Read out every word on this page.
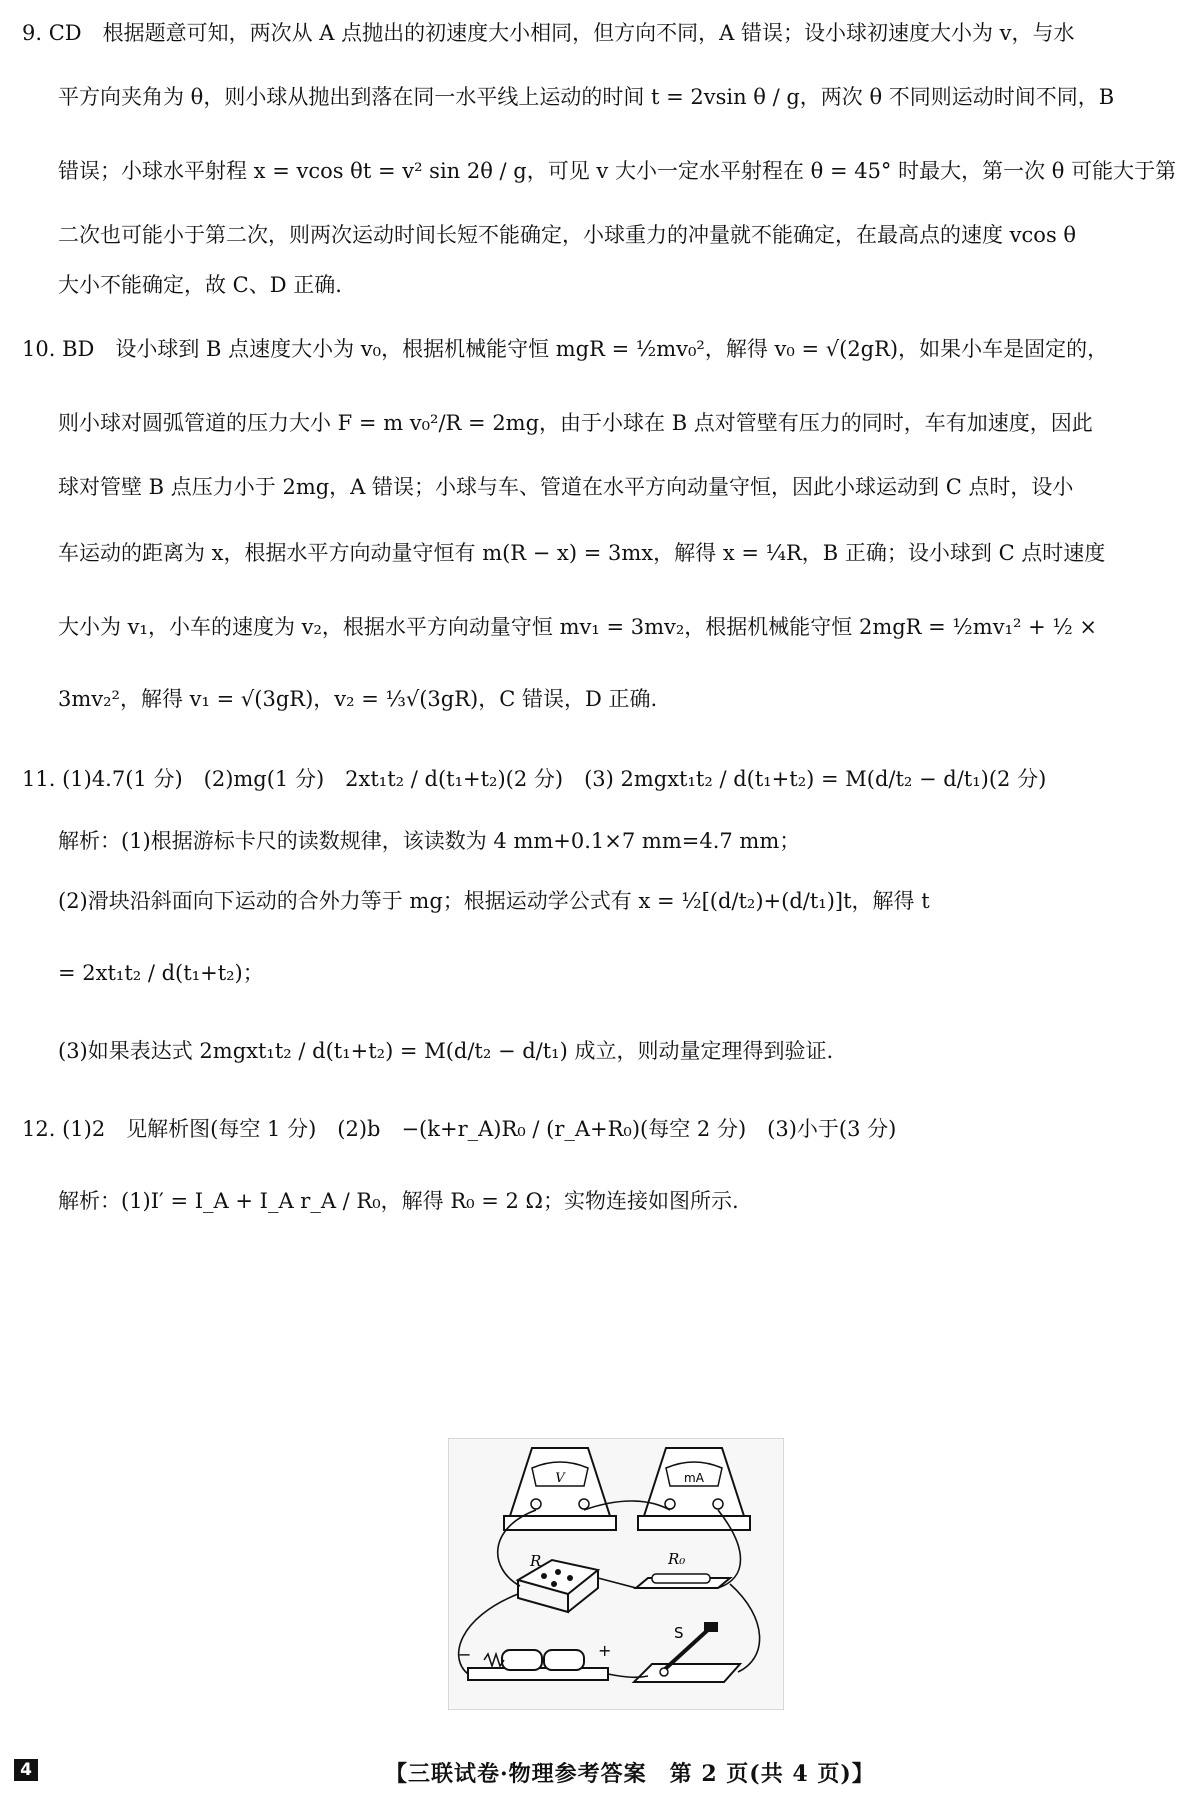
9. CD　根据题意可知，两次从 A 点抛出的初速度大小相同，但方向不同，A 错误；设小球初速度大小为 v，与水
平方向夹角为 θ，则小球从抛出到落在同一水平线上运动的时间 t = 2vsin θ / g，两次 θ 不同则运动时间不同，B
错误；小球水平射程 x = vcos θt = v² sin 2θ / g，可见 v 大小一定水平射程在 θ = 45° 时最大，第一次 θ 可能大于第
二次也可能小于第二次，则两次运动时间长短不能确定，小球重力的冲量就不能确定，在最高点的速度 vcos θ
大小不能确定，故 C、D 正确.
10. BD　设小球到 B 点速度大小为 v₀，根据机械能守恒 mgR = ½mv₀²，解得 v₀ = √(2gR)，如果小车是固定的，
则小球对圆弧管道的压力大小 F = m v₀²/R = 2mg，由于小球在 B 点对管壁有压力的同时，车有加速度，因此
球对管壁 B 点压力小于 2mg，A 错误；小球与车、管道在水平方向动量守恒，因此小球运动到 C 点时，设小
车运动的距离为 x，根据水平方向动量守恒有 m(R − x) = 3mx，解得 x = ¼R，B 正确；设小球到 C 点时速度
大小为 v₁，小车的速度为 v₂，根据水平方向动量守恒 mv₁ = 3mv₂，根据机械能守恒 2mgR = ½mv₁² + ½ ×
3mv₂²，解得 v₁ = √(3gR)，v₂ = ⅓√(3gR)，C 错误，D 正确.
11. (1)4.7(1 分)　(2)mg(1 分)　2xt₁t₂ / d(t₁+t₂)(2 分)　(3) 2mgxt₁t₂ / d(t₁+t₂) = M(d/t₂ − d/t₁)(2 分)
解析：(1)根据游标卡尺的读数规律，该读数为 4 mm+0.1×7 mm=4.7 mm；
(2)滑块沿斜面向下运动的合外力等于 mg；根据运动学公式有 x = ½[(d/t₂)+(d/t₁)]t，解得 t
= 2xt₁t₂ / d(t₁+t₂)；
(3)如果表达式 2mgxt₁t₂ / d(t₁+t₂) = M(d/t₂ − d/t₁) 成立，则动量定理得到验证.
12. (1)2　见解析图(每空 1 分)　(2)b　−(k+r_A)R₀ / (r_A+R₀)(每空 2 分)　(3)小于(3 分)
解析：(1)I′ = I_A + I_A r_A / R₀，解得 R₀ = 2 Ω；实物连接如图所示.
V	mA
R	R₀
−	+
S
4	【三联试卷·物理参考答案　第 2 页(共 4 页)】
